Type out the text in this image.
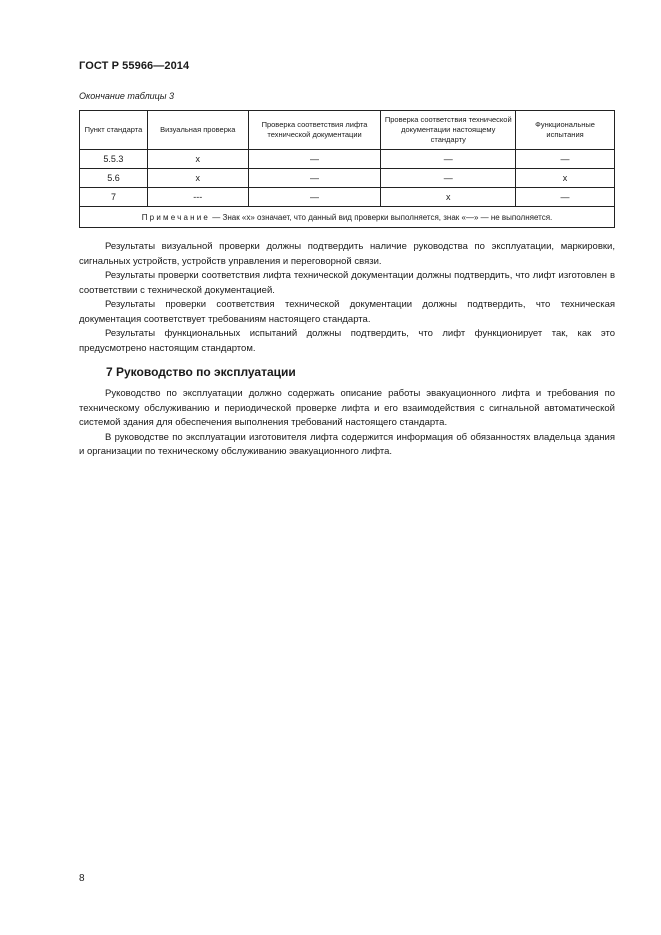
ГОСТ Р 55966—2014
Окончание таблицы 3
Пункт стандарта	Визуальная проверка	Проверка соответствия лифта технической документации	Проверка соответствия технической документации настоящему стандарту	Функциональные испытания
5.5.3	х	—	—	—
5.6	х	—	—	х
7	---	—	х	—
Примечание — Знак «х» означает, что данный вид проверки выполняется, знак «—» — не выполняется.				

Результаты визуальной проверки должны подтвердить наличие руководства по эксплуатации, маркировки, сигнальных устройств, устройств управления и переговорной связи.

Результаты проверки соответствия лифта технической документации должны подтвердить, что лифт изготовлен в соответствии с технической документацией.

Результаты проверки соответствия технической документации должны подтвердить, что техническая документация соответствует требованиям настоящего стандарта.

Результаты функциональных испытаний должны подтвердить, что лифт функционирует так, как это предусмотрено настоящим стандартом.

7 Руководство по эксплуатации

Руководство по эксплуатации должно содержать описание работы эвакуационного лифта и требования по техническому обслуживанию и периодической проверке лифта и его взаимодействия с сигнальной автоматической системой здания для обеспечения выполнения требований настоящего стандарта.

В руководстве по эксплуатации изготовителя лифта содержится информация об обязанностях владельца здания и организации по техническому обслуживанию эвакуационного лифта.

8
